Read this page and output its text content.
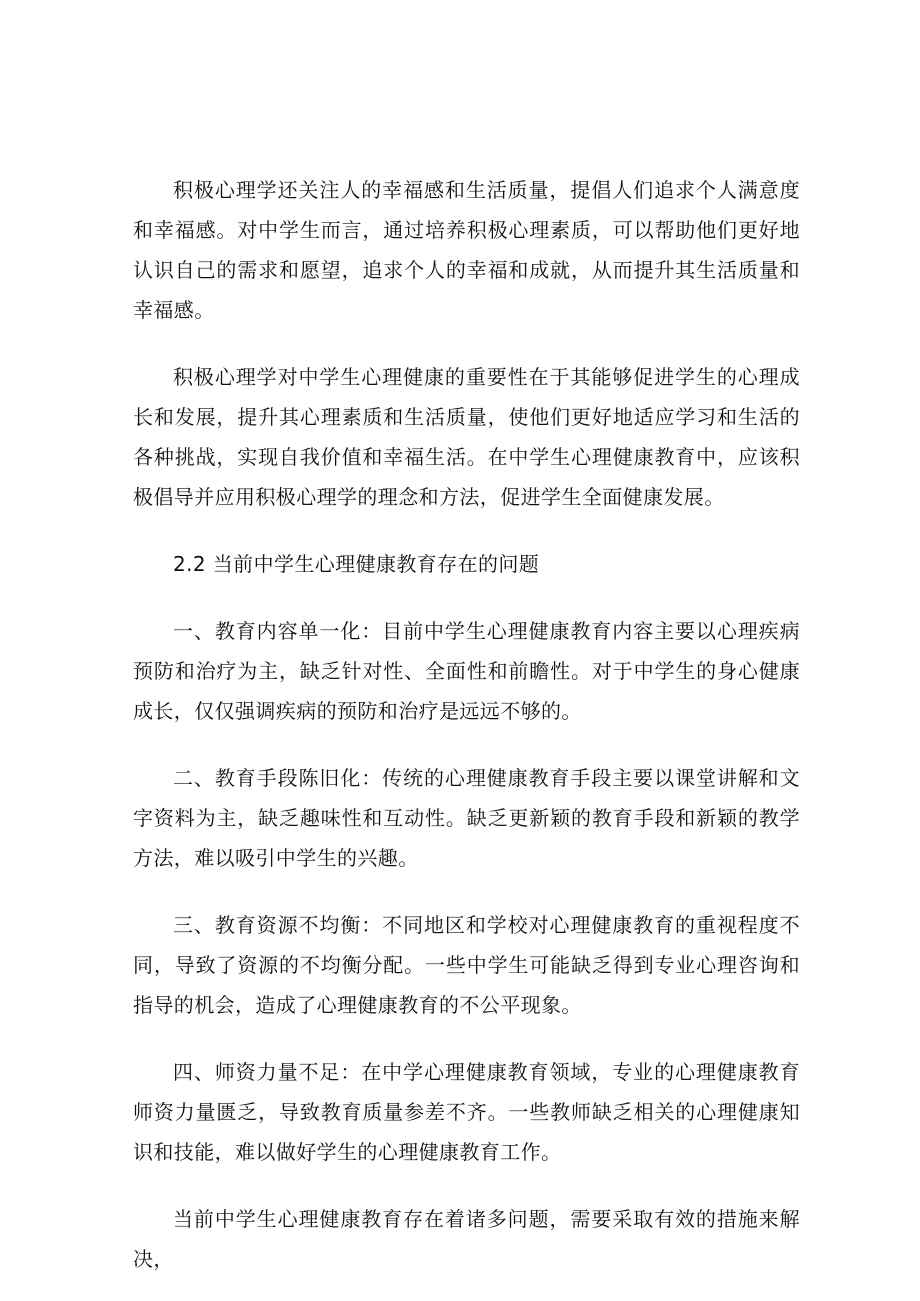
积极心理学还关注人的幸福感和生活质量，提倡人们追求个人满意度和幸福感。对中学生而言，通过培养积极心理素质，可以帮助他们更好地认识自己的需求和愿望，追求个人的幸福和成就，从而提升其生活质量和幸福感。

积极心理学对中学生心理健康的重要性在于其能够促进学生的心理成长和发展，提升其心理素质和生活质量，使他们更好地适应学习和生活的各种挑战，实现自我价值和幸福生活。在中学生心理健康教育中，应该积极倡导并应用积极心理学的理念和方法，促进学生全面健康发展。

2.2 当前中学生心理健康教育存在的问题

一、教育内容单一化：目前中学生心理健康教育内容主要以心理疾病预防和治疗为主，缺乏针对性、全面性和前瞻性。对于中学生的身心健康成长，仅仅强调疾病的预防和治疗是远远不够的。

二、教育手段陈旧化：传统的心理健康教育手段主要以课堂讲解和文字资料为主，缺乏趣味性和互动性。缺乏更新颖的教育手段和新颖的教学方法，难以吸引中学生的兴趣。

三、教育资源不均衡：不同地区和学校对心理健康教育的重视程度不同，导致了资源的不均衡分配。一些中学生可能缺乏得到专业心理咨询和指导的机会，造成了心理健康教育的不公平现象。

四、师资力量不足：在中学心理健康教育领域，专业的心理健康教育师资力量匮乏，导致教育质量参差不齐。一些教师缺乏相关的心理健康知识和技能，难以做好学生的心理健康教育工作。

当前中学生心理健康教育存在着诸多问题，需要采取有效的措施来解决，
